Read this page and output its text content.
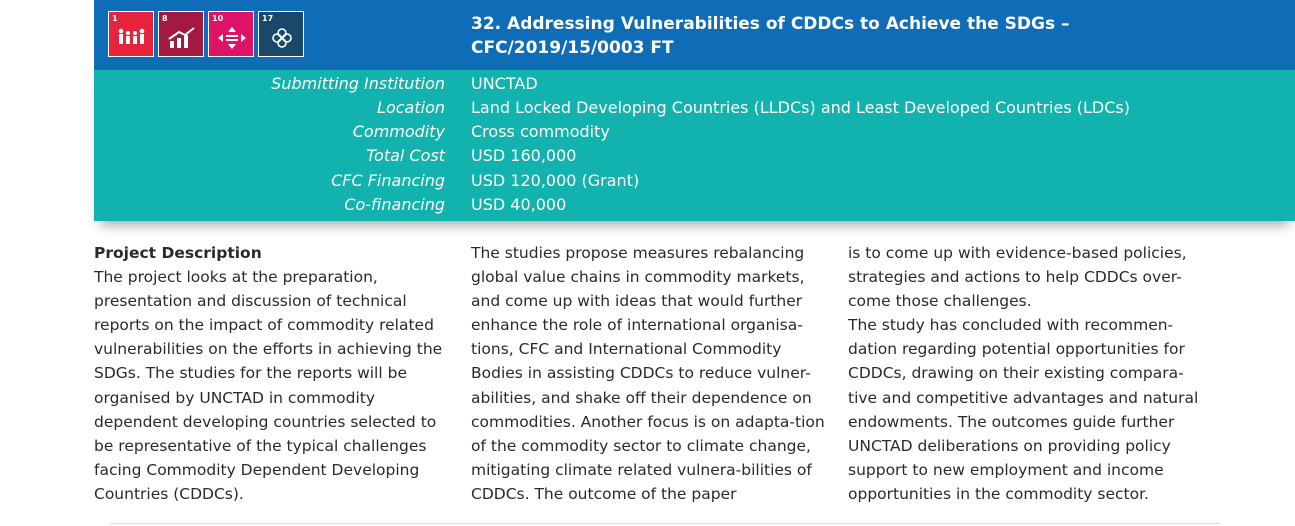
1	8	10	17	32. Addressing Vulnerabilities of CDDCs to Achieve the SDGs –
CFC/2019/15/0003 FT
Submitting Institution UNCTAD
Location Land Locked Developing Countries (LLDCs) and Least Developed Countries (LDCs)
Commodity Cross commodity
Total Cost USD 160,000
CFC Financing USD 120,000 (Grant)
Co-financing USD 40,000

Project Description

The project looks at the preparation, presentation and discussion of technical reports on the impact of commodity related vulnerabilities on the efforts in achieving the SDGs. The studies for the reports will be organised by UNCTAD in commodity dependent developing countries selected to be representative of the typical challenges facing Commodity Dependent Developing Countries (CDDCs).

The studies propose measures rebalancing global value chains in commodity markets, and come up with ideas that would further enhance the role of international organisa-tions, CFC and International Commodity Bodies in assisting CDDCs to reduce vulner-abilities, and shake off their dependence on commodities. Another focus is on adapta-tion of the commodity sector to climate change, mitigating climate related vulnera-bilities of CDDCs. The outcome of the paper

is to come up with evidence-based policies, strategies and actions to help CDDCs over-come those challenges.

The study has concluded with recommen-dation regarding potential opportunities for CDDCs, drawing on their existing compara-tive and competitive advantages and natural endowments. The outcomes guide further UNCTAD deliberations on providing policy support to new employment and income opportunities in the commodity sector.
